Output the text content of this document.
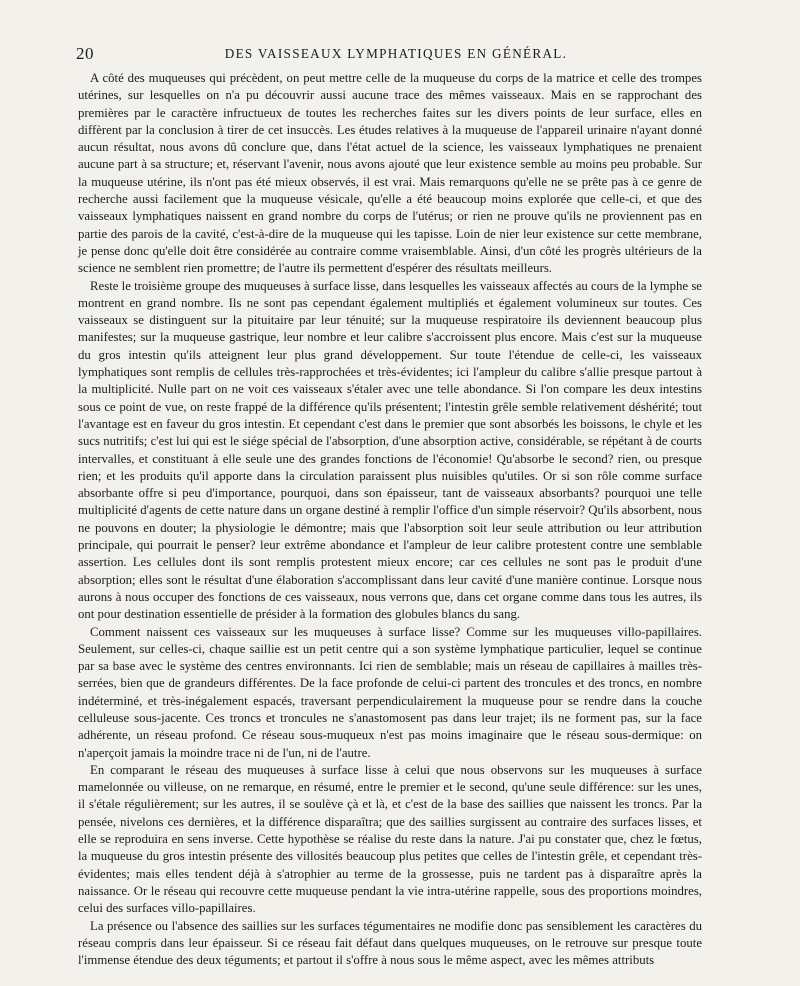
20	DES VAISSEAUX LYMPHATIQUES EN GÉNÉRAL.

A côté des muqueuses qui précèdent, on peut mettre celle de la muqueuse du corps de la matrice et celle des trompes utérines, sur lesquelles on n'a pu découvrir aussi aucune trace des mêmes vaisseaux. Mais en se rapprochant des premières par le caractère infructueux de toutes les recherches faites sur les divers points de leur surface, elles en diffèrent par la conclusion à tirer de cet insuccès. Les études relatives à la muqueuse de l'appareil urinaire n'ayant donné aucun résultat, nous avons dû conclure que, dans l'état actuel de la science, les vaisseaux lymphatiques ne prenaient aucune part à sa structure; et, réservant l'avenir, nous avons ajouté que leur existence semble au moins peu probable. Sur la muqueuse utérine, ils n'ont pas été mieux observés, il est vrai. Mais remarquons qu'elle ne se prête pas à ce genre de recherche aussi facilement que la muqueuse vésicale, qu'elle a été beaucoup moins explorée que celle-ci, et que des vaisseaux lymphatiques naissent en grand nombre du corps de l'utérus; or rien ne prouve qu'ils ne proviennent pas en partie des parois de la cavité, c'est-à-dire de la muqueuse qui les tapisse. Loin de nier leur existence sur cette membrane, je pense donc qu'elle doit être considérée au contraire comme vraisemblable. Ainsi, d'un côté les progrès ultérieurs de la science ne semblent rien promettre; de l'autre ils permettent d'espérer des résultats meilleurs.

Reste le troisième groupe des muqueuses à surface lisse, dans lesquelles les vaisseaux affectés au cours de la lymphe se montrent en grand nombre. Ils ne sont pas cependant également multipliés et également volumineux sur toutes. Ces vaisseaux se distinguent sur la pituitaire par leur ténuité; sur la muqueuse respiratoire ils deviennent beaucoup plus manifestes; sur la muqueuse gastrique, leur nombre et leur calibre s'accroissent plus encore. Mais c'est sur la muqueuse du gros intestin qu'ils atteignent leur plus grand développement. Sur toute l'étendue de celle-ci, les vaisseaux lymphatiques sont remplis de cellules très-rapprochées et très-évidentes; ici l'ampleur du calibre s'allie presque partout à la multiplicité. Nulle part on ne voit ces vaisseaux s'étaler avec une telle abondance. Si l'on compare les deux intestins sous ce point de vue, on reste frappé de la différence qu'ils présentent; l'intestin grêle semble relativement déshérité; tout l'avantage est en faveur du gros intestin. Et cependant c'est dans le premier que sont absorbés les boissons, le chyle et les sucs nutritifs; c'est lui qui est le siége spécial de l'absorption, d'une absorption active, considérable, se répétant à de courts intervalles, et constituant à elle seule une des grandes fonctions de l'économie! Qu'absorbe le second? rien, ou presque rien; et les produits qu'il apporte dans la circulation paraissent plus nuisibles qu'utiles. Or si son rôle comme surface absorbante offre si peu d'importance, pourquoi, dans son épaisseur, tant de vaisseaux absorbants? pourquoi une telle multiplicité d'agents de cette nature dans un organe destiné à remplir l'office d'un simple réservoir? Qu'ils absorbent, nous ne pouvons en douter; la physiologie le démontre; mais que l'absorption soit leur seule attribution ou leur attribution principale, qui pourrait le penser? leur extrême abondance et l'ampleur de leur calibre protestent contre une semblable assertion. Les cellules dont ils sont remplis protestent mieux encore; car ces cellules ne sont pas le produit d'une absorption; elles sont le résultat d'une élaboration s'accomplissant dans leur cavité d'une manière continue. Lorsque nous aurons à nous occuper des fonctions de ces vaisseaux, nous verrons que, dans cet organe comme dans tous les autres, ils ont pour destination essentielle de présider à la formation des globules blancs du sang.

Comment naissent ces vaisseaux sur les muqueuses à surface lisse? Comme sur les muqueuses villo-papillaires. Seulement, sur celles-ci, chaque saillie est un petit centre qui a son système lymphatique particulier, lequel se continue par sa base avec le système des centres environnants. Ici rien de semblable; mais un réseau de capillaires à mailles très-serrées, bien que de grandeurs différentes. De la face profonde de celui-ci partent des troncules et des troncs, en nombre indéterminé, et très-inégalement espacés, traversant perpendiculairement la muqueuse pour se rendre dans la couche celluleuse sous-jacente. Ces troncs et troncules ne s'anastomosent pas dans leur trajet; ils ne forment pas, sur la face adhérente, un réseau profond. Ce réseau sous-muqueux n'est pas moins imaginaire que le réseau sous-dermique: on n'aperçoit jamais la moindre trace ni de l'un, ni de l'autre.

En comparant le réseau des muqueuses à surface lisse à celui que nous observons sur les muqueuses à surface mamelonnée ou villeuse, on ne remarque, en résumé, entre le premier et le second, qu'une seule différence: sur les unes, il s'étale régulièrement; sur les autres, il se soulève çà et là, et c'est de la base des saillies que naissent les troncs. Par la pensée, nivelons ces dernières, et la différence disparaîtra; que des saillies surgissent au contraire des surfaces lisses, et elle se reproduira en sens inverse. Cette hypothèse se réalise du reste dans la nature. J'ai pu constater que, chez le fœtus, la muqueuse du gros intestin présente des villosités beaucoup plus petites que celles de l'intestin grêle, et cependant très-évidentes; mais elles tendent déjà à s'atrophier au terme de la grossesse, puis ne tardent pas à disparaître après la naissance. Or le réseau qui recouvre cette muqueuse pendant la vie intra-utérine rappelle, sous des proportions moindres, celui des surfaces villo-papillaires.

La présence ou l'absence des saillies sur les surfaces tégumentaires ne modifie donc pas sensiblement les caractères du réseau compris dans leur épaisseur. Si ce réseau fait défaut dans quelques muqueuses, on le retrouve sur presque toute l'immense étendue des deux téguments; et partout il s'offre à nous sous le même aspect, avec les mêmes attributs
